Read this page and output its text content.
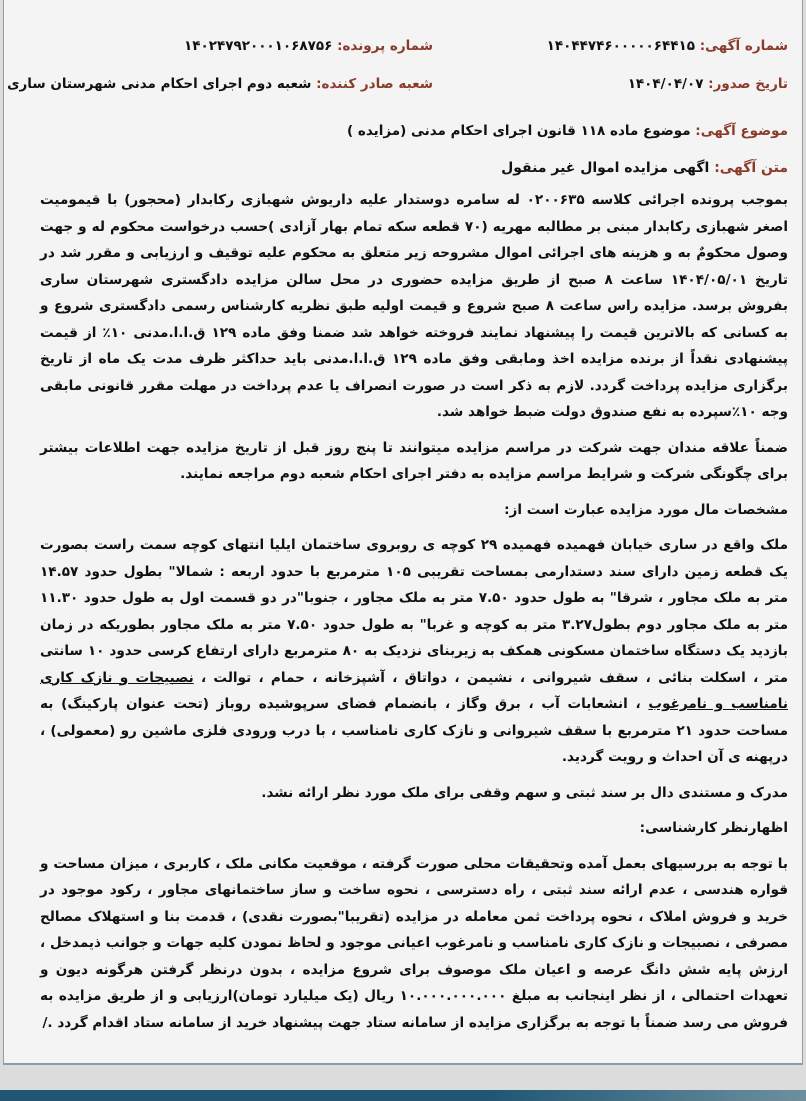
شماره آگهی: ۱۴۰۴۴۷۴۶۰۰۰۰۰۶۴۴۱۵
شماره پرونده: ۱۴۰۲۴۷۹۲۰۰۰۱۰۶۸۷۵۶
تاریخ صدور: ۱۴۰۴/۰۴/۰۷
شعبه صادر کننده: شعبه دوم اجرای احکام مدنی شهرستان ساری
موضوع آگهی: موضوع ماده ۱۱۸ قانون اجرای احکام مدنی (مزایده )
متن آگهی: اگهی مزایده اموال غیر منقول

بموجب پرونده اجرائی کلاسه ۰۲۰۰۶۳۵ له سامره دوستدار علیه داریوش شهبازی رکابدار (محجور) با قیمومیت اصغر شهبازی رکابدار مبنی بر مطالبه مهریه (۷۰ قطعه سکه تمام بهار آزادی )حسب درخواست محکوم له و جهت وصول محکومٌ به و هزینه های اجرائی اموال مشروحه زیر متعلق به محکوم علیه توقیف و ارزیابی و مقرر شد در تاریخ ۱۴۰۴/۰۵/۰۱ ساعت ۸ صبح از طریق مزایده حضوری در محل سالن مزایده دادگستری شهرستان ساری بفروش برسد. مزایده راس ساعت ۸ صبح شروع و قیمت اولیه طبق نظریه کارشناس رسمی دادگستری شروع و به کسانی که بالاترین قیمت را پیشنهاد نمایند فروخته خواهد شد ضمنا وفق ماده ۱۲۹ ق.ا.ا.مدنی ۱۰٪ از قیمت پیشنهادی نقداً از برنده مزایده اخذ ومابقی وفق ماده ۱۲۹ ق.ا.ا.مدنی باید حداکثر ظرف مدت یک ماه از تاریخ برگزاری مزایده پرداخت گردد. لازم به ذکر است در صورت انصراف یا عدم پرداخت در مهلت مقرر قانونی مابقی وجه ۱۰٪سپرده به نفع صندوق دولت ضبط خواهد شد.

ضمناً علاقه مندان جهت شرکت در مراسم مزایده میتوانند تا پنج روز قبل از تاریخ مزایده جهت اطلاعات بیشتر برای چگونگی شرکت و شرایط مراسم مزایده به دفتر اجرای احکام شعبه دوم مراجعه نمایند.

مشخصات مال مورد مزایده عبارت است از:

ملک واقع در ساری خیابان فهمیده فهمیده ۲۹ کوچه ی روبروی ساختمان ایلیا انتهای کوچه سمت راست بصورت یک قطعه زمین دارای سند دستدارمی بمساحت تقریبی ۱۰۵ مترمربع با حدود اربعه : شمالا" بطول حدود ۱۴.۵۷ متر به ملک مجاور ، شرقا" به طول حدود ۷.۵۰ متر به ملک مجاور ، جنوبا"در دو قسمت اول به طول حدود ۱۱.۳۰ متر به ملک مجاور دوم بطول۳.۲۷ متر به کوچه و غربا" به طول حدود ۷.۵۰ متر به ملک مجاور بطوریکه در زمان بازدید یک دستگاه ساختمان مسکونی همکف به زیربنای نزدیک به ۸۰ مترمربع دارای ارتفاع کرسی حدود ۱۰ سانتی متر ، اسکلت بنائی ، سقف شیروانی ، نشیمن ، دواتاق ، آشپزخانه ، حمام ، توالت ، نصبیجات و نازک کاری نامناسب و نامرغوب ، انشعابات آب ، برق وگاز ، بانضمام فضای سرپوشیده روباز (تحت عنوان پارکینگ) به مساحت حدود ۲۱ مترمربع با سقف شیروانی و نازک کاری نامناسب ، با درب ورودی فلزی ماشین رو (معمولی) ، درپهنه ی آن احداث و رویت گردید.

مدرک و مستندی دال بر سند ثبتی و سهم وقفی برای ملک مورد نظر ارائه نشد.

اظهارنظر کارشناسی:

با توجه به بررسیهای بعمل آمده وتحقیقات محلی صورت گرفته ، موقعیت مکانی ملک ، کاربری ، میزان مساحت و قواره هندسی ، عدم ارائه سند ثبتی ، راه دسترسی ، نحوه ساخت و ساز ساختمانهای مجاور ، رکود موجود در خرید و فروش املاک ، نحوه پرداخت ثمن معامله در مزایده (تقریبا"بصورت نقدی) ، قدمت بنا و استهلاک مصالح مصرفی ، نصبیجات و نازک کاری نامناسب و نامرغوب اعیانی موجود و لحاظ نمودن کلیه جهات و جوانب ذیمدخل ، ارزش پایه شش دانگ عرصه و اعیان ملک موصوف برای شروع مزایده ، بدون درنظر گرفتن هرگونه دیون و تعهدات احتمالی ، از نظر اینجانب به مبلغ ۱۰.۰۰۰.۰۰۰.۰۰۰ ریال (یک میلیارد تومان)ارزیابی و از طریق مزایده به فروش می رسد ضمناً با توجه به برگزاری مزایده از سامانه ستاد جهت پیشنهاد خرید از سامانه ستاد اقدام گردد ./
